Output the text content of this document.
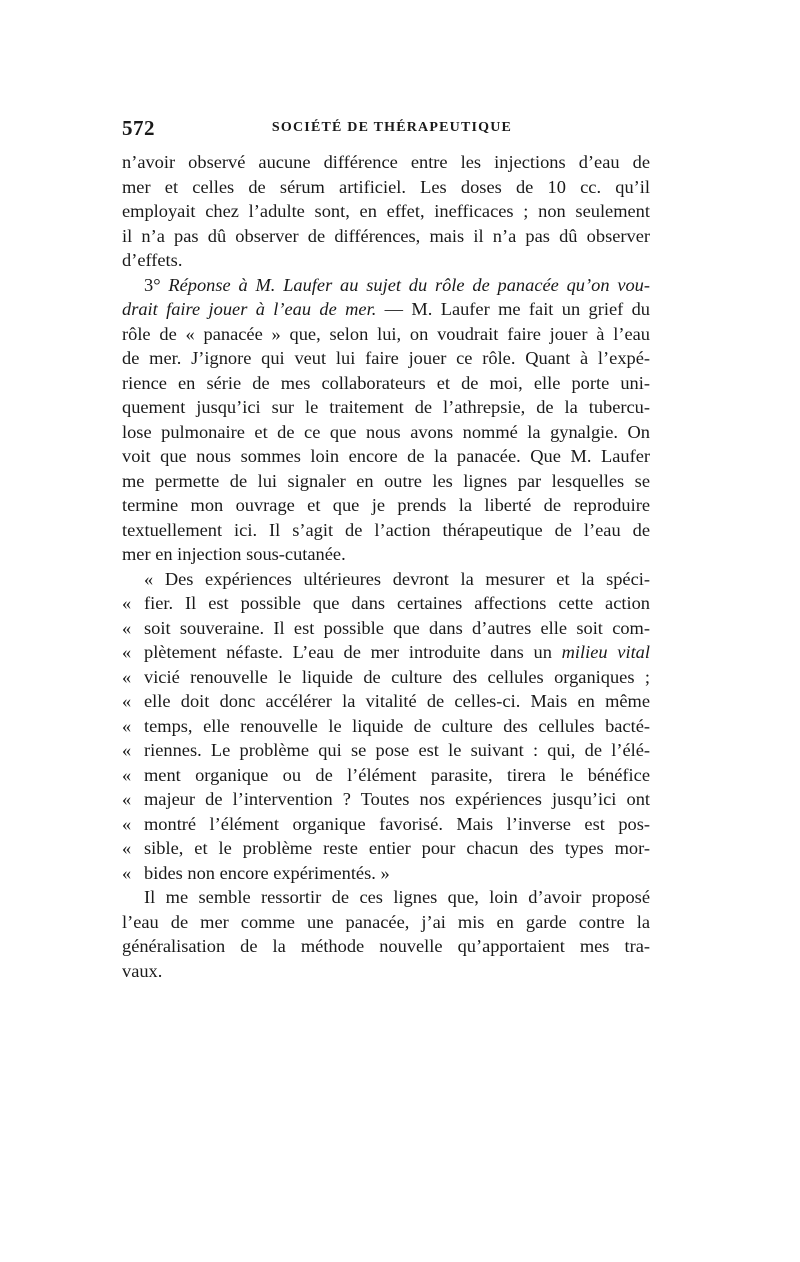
572	SOCIÉTÉ DE THÉRAPEUTIQUE
n’avoir observé aucune différence entre les injections d’eau de
mer et celles de sérum artificiel. Les doses de 10 cc. qu’il
employait chez l’adulte sont, en effet, inefficaces ; non seulement
il n’a pas dû observer de différences, mais il n’a pas dû observer
d’effets.
3° Réponse à M. Laufer au sujet du rôle de panacée qu’on vou-
drait faire jouer à l’eau de mer. — M. Laufer me fait un grief du
rôle de « panacée » que, selon lui, on voudrait faire jouer à l’eau
de mer. J’ignore qui veut lui faire jouer ce rôle. Quant à l’expé-
rience en série de mes collaborateurs et de moi, elle porte uni-
quement jusqu’ici sur le traitement de l’athrepsie, de la tubercu-
lose pulmonaire et de ce que nous avons nommé la gynalgie. On
voit que nous sommes loin encore de la panacée. Que M. Laufer
me permette de lui signaler en outre les lignes par lesquelles se
termine mon ouvrage et que je prends la liberté de reproduire
textuellement ici. Il s’agit de l’action thérapeutique de l’eau de
mer en injection sous-cutanée.
« Des expériences ultérieures devront la mesurer et la spéci-
« fier. Il est possible que dans certaines affections cette action
« soit souveraine. Il est possible que dans d’autres elle soit com-
« plètement néfaste. L’eau de mer introduite dans un milieu vital
« vicié renouvelle le liquide de culture des cellules organiques ;
« elle doit donc accélérer la vitalité de celles-ci. Mais en même
« temps, elle renouvelle le liquide de culture des cellules bacté-
« riennes. Le problème qui se pose est le suivant : qui, de l’élé-
« ment organique ou de l’élément parasite, tirera le bénéfice
« majeur de l’intervention ? Toutes nos expériences jusqu’ici ont
« montré l’élément organique favorisé. Mais l’inverse est pos-
« sible, et le problème reste entier pour chacun des types mor-
« bides non encore expérimentés. »
Il me semble ressortir de ces lignes que, loin d’avoir proposé
l’eau de mer comme une panacée, j’ai mis en garde contre la
généralisation de la méthode nouvelle qu’apportaient mes tra-
vaux.
